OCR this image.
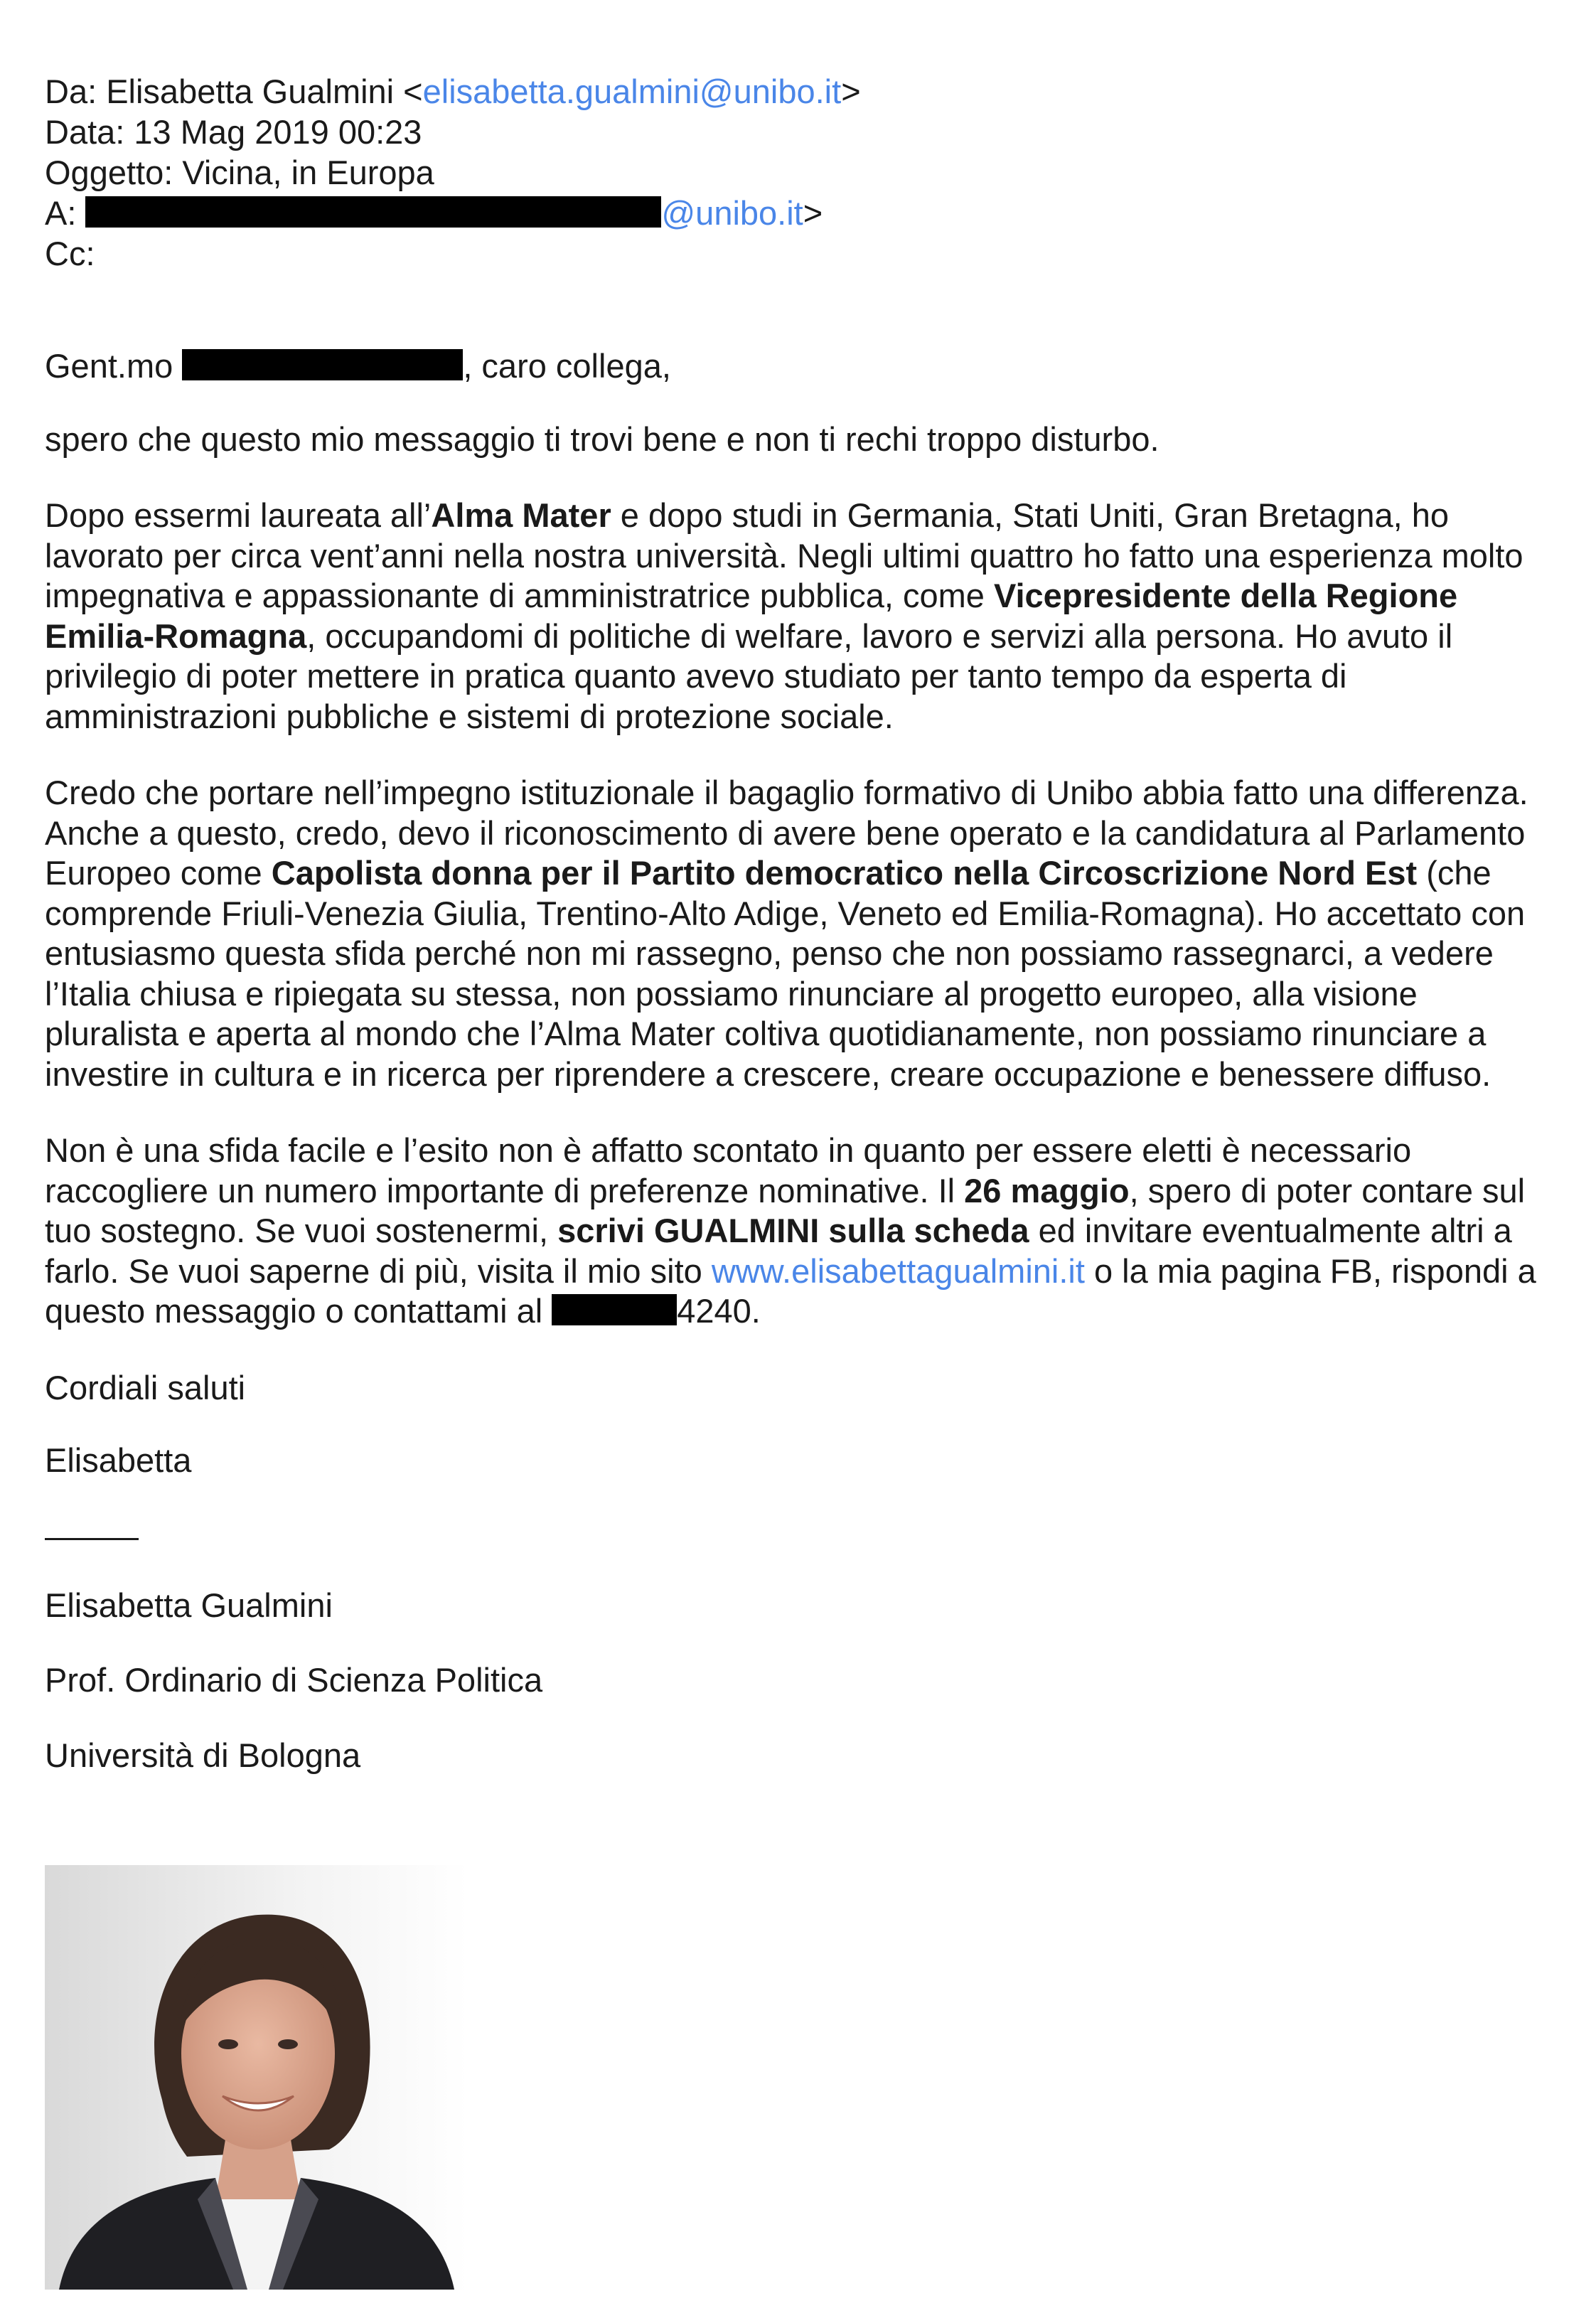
Da: Elisabetta Gualmini <elisabetta.gualmini@unibo.it>
Data: 13 Mag 2019 00:23
Oggetto: Vicina, in Europa
A:	@unibo.it>
Cc:
Gent.mo	, caro collega,

spero che questo mio messaggio ti trovi bene e non ti rechi troppo disturbo.

Dopo essermi laureata all’Alma Mater e dopo studi in Germania, Stati Uniti, Gran Bretagna, ho lavorato per circa vent’anni nella nostra università. Negli ultimi quattro ho fatto una esperienza molto impegnativa e appassionante di amministratrice pubblica, come Vicepresidente della Regione Emilia-Romagna, occupandomi di politiche di welfare, lavoro e servizi alla persona. Ho avuto il privilegio di poter mettere in pratica quanto avevo studiato per tanto tempo da esperta di amministrazioni pubbliche e sistemi di protezione sociale.

Credo che portare nell’impegno istituzionale il bagaglio formativo di Unibo abbia fatto una differenza. Anche a questo, credo, devo il riconoscimento di avere bene operato e la candidatura al Parlamento Europeo come Capolista donna per il Partito democratico nella Circoscrizione Nord Est (che comprende Friuli-Venezia Giulia, Trentino-Alto Adige, Veneto ed Emilia-Romagna). Ho accettato con entusiasmo questa sfida perché non mi rassegno, penso che non possiamo rassegnarci, a vedere l’Italia chiusa e ripiegata su stessa, non possiamo rinunciare al progetto europeo, alla visione pluralista e aperta al mondo che l’Alma Mater coltiva quotidianamente, non possiamo rinunciare a investire in cultura e in ricerca per riprendere a crescere, creare occupazione e benessere diffuso.

Non è una sfida facile e l’esito non è affatto scontato in quanto per essere eletti è necessario raccogliere un numero importante di preferenze nominative. Il 26 maggio, spero di poter contare sul tuo sostegno. Se vuoi sostenermi, scrivi GUALMINI sulla scheda ed invitare eventualmente altri a farlo. Se vuoi saperne di più, visita il mio sito www.elisabettagualmini.it o la mia pagina FB, rispondi a questo messaggio o contattami al	4240.

Cordiali saluti
Elisabetta
Elisabetta Gualmini
Prof. Ordinario di Scienza Politica
Università di Bologna
